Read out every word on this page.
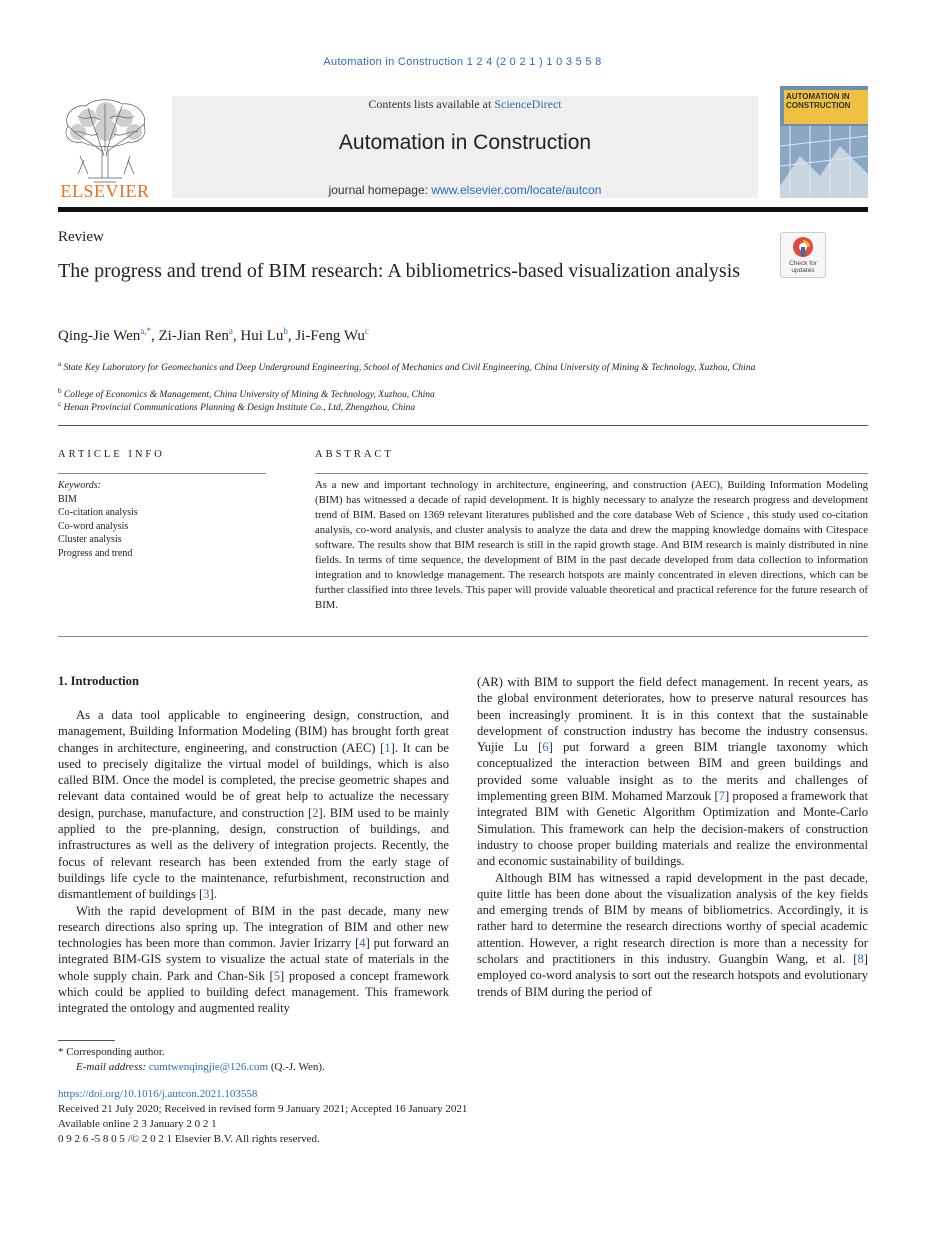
Automation in Construction 1 2 4 (2 0 2 1 ) 1 0 3 5 5 8
ELSEVIER
Contents lists available at ScienceDirect
Automation in Construction
journal homepage: www.elsevier.com/locate/autcon
AUTOMATION IN CONSTRUCTION
Review
Check for updates
The progress and trend of BIM research: A bibliometrics-based visualization analysis
Qing-Jie Wen$^{a,*}$, Zi-Jian Ren$^a$, Hui Lu$^b$, Ji-Feng Wu$^c$
$^a$ State Key Laboratory for Geomechanics and Deep Underground Engineering, School of Mechanics and Civil Engineering, China University of Mining & Technology, Xuzhou, China
$^b$ College of Economics & Management, China University of Mining & Technology, Xuzhou, China
$^c$ Henan Provincial Communications Planning & Design Institute Co., Ltd, Zhengzhou, China
ARTICLE INFO	ABSTRACT
Keywords:
BIM
Co-citation analysis
Co-word analysis
Cluster analysis
Progress and trend
As a new and important technology in architecture, engineering, and construction (AEC), Building Information Modeling (BIM) has witnessed a decade of rapid development. It is highly necessary to analyze the research progress and development trend of BIM. Based on 1369 relevant literatures published and the core database Web of Science , this study used co-citation analysis, co-word analysis, and cluster analysis to analyze the data and drew the mapping knowledge domains with Citespace software. The results show that BIM research is still in the rapid growth stage. And BIM research is mainly distributed in nine fields. In terms of time sequence, the development of BIM in the past decade developed from data collection to information integration and to knowledge management. The research hotspots are mainly concentrated in eleven directions, which can be further classified into three levels. This paper will provide valuable theoretical and practical reference for the future research of BIM.
1. Introduction

As a data tool applicable to engineering design, construction, and management, Building Information Modeling (BIM) has brought forth great changes in architecture, engineering, and construction (AEC) [1]. It can be used to precisely digitalize the virtual model of buildings, which is also called BIM. Once the model is completed, the precise geometric shapes and relevant data contained would be of great help to actualize the necessary design, purchase, manufacture, and construction [2]. BIM used to be mainly applied to the pre-planning, design, construction of buildings, and infrastructures as well as the delivery of integration projects. Recently, the focus of relevant research has been extended from the early stage of buildings life cycle to the maintenance, refurbishment, reconstruction and dismantlement of buildings [3].

With the rapid development of BIM in the past decade, many new research directions also spring up. The integration of BIM and other new technologies has been more than common. Javier Irizarry [4] put forward an integrated BIM-GIS system to visualize the actual state of materials in the whole supply chain. Park and Chan-Sik [5] proposed a concept framework which could be applied to building defect management. This framework integrated the ontology and augmented reality

(AR) with BIM to support the field defect management. In recent years, as the global environment deteriorates, how to preserve natural resources has been increasingly prominent. It is in this context that the sustainable development of construction industry has become the industry consensus. Yujie Lu [6] put forward a green BIM triangle taxonomy which conceptualized the interaction between BIM and green buildings and provided some valuable insight as to the merits and challenges of implementing green BIM. Mohamed Marzouk [7] proposed a framework that integrated BIM with Genetic Algorithm Optimization and Monte-Carlo Simulation. This framework can help the decision-makers of construction industry to choose proper building materials and realize the environmental and economic sustainability of buildings.

Although BIM has witnessed a rapid development in the past decade, quite little has been done about the visualization analysis of the key fields and emerging trends of BIM by means of bibliometrics. Accordingly, it is rather hard to determine the research directions worthy of special academic attention. However, a right research direction is more than a necessity for scholars and practitioners in this industry. Guangbin Wang, et al. [8] employed co-word analysis to sort out the research hotspots and evolutionary trends of BIM during the period of

* Corresponding author.
E-mail address: cumtwenqingjie@126.com (Q.-J. Wen).
https://doi.org/10.1016/j.autcon.2021.103558
Received 21 July 2020; Received in revised form 9 January 2021; Accepted 16 January 2021
Available online 2 3 January 2 0 2 1
0 9 2 6 -5 8 0 5 /© 2 0 2 1 Elsevier B.V. All rights reserved.
